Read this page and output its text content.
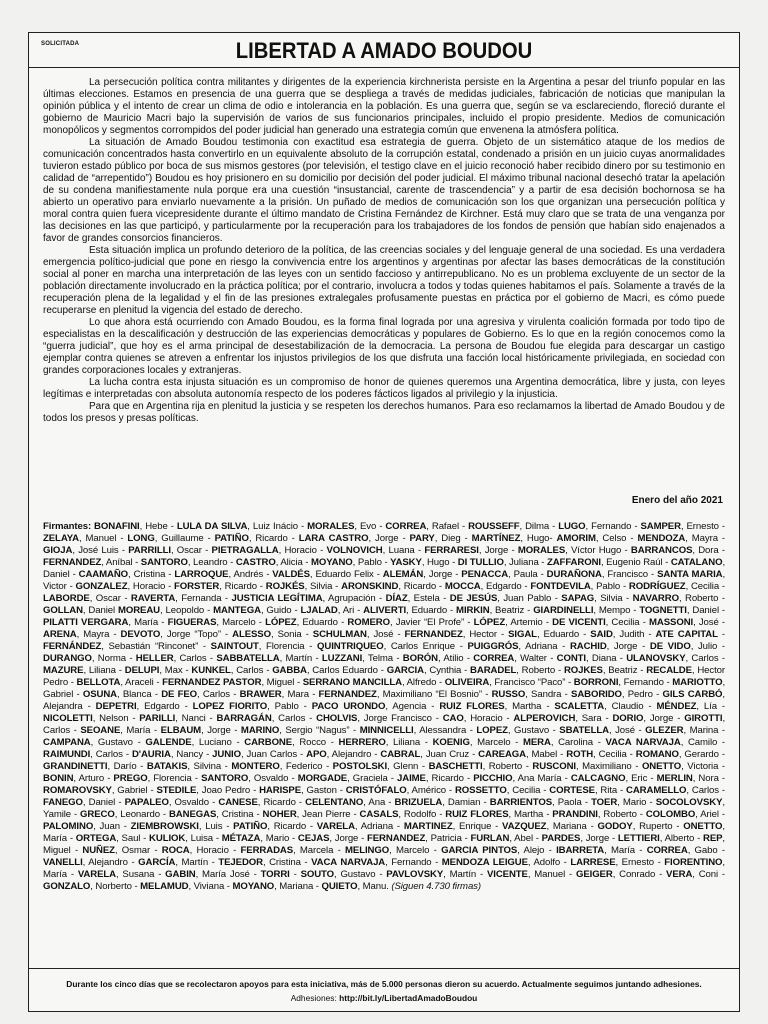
SOLICITADA	LIBERTAD A AMADO BOUDOU

La persecución política contra militantes y dirigentes de la experiencia kirchnerista persiste en la Argentina a pesar del triunfo popular en las últimas elecciones. Estamos en presencia de una guerra que se despliega a través de medidas judiciales, fabricación de noticias que manipulan la opinión pública y el intento de crear un clima de odio e intolerancia en la población. Es una guerra que, según se va esclareciendo, floreció durante el gobierno de Mauricio Macri bajo la supervisión de varios de sus funcionarios principales, incluido el propio presidente. Medios de comunicación monopólicos y segmentos corrompidos del poder judicial han generado una estrategia común que envenena la atmósfera política.

La situación de Amado Boudou testimonia con exactitud esa estrategia de guerra. Objeto de un sistemático ataque de los medios de comunicación concentrados hasta convertirlo en un equivalente absoluto de la corrupción estatal, condenado a prisión en un juicio cuyas anormalidades tuvieron estado público por boca de sus mismos gestores (por televisión, el testigo clave en el juicio reconoció haber recibido dinero por su testimonio en calidad de “arrepentido”) Boudou es hoy prisionero en su domicilio por decisión del poder judicial. El máximo tribunal nacional desechó tratar la apelación de su condena manifiestamente nula porque era una cuestión “insustancial, carente de trascendencia” y a partir de esa decisión bochornosa se ha abierto un operativo para enviarlo nuevamente a la prisión. Un puñado de medios de comunicación son los que organizan una persecución política y moral contra quien fuera vicepresidente durante el último mandato de Cristina Fernández de Kirchner. Está muy claro que se trata de una venganza por las decisiones en las que participó, y particularmente por la recuperación para los trabajadores de los fondos de pensión que habían sido enajenados a favor de grandes consorcios financieros.

Esta situación implica un profundo deterioro de la política, de las creencias sociales y del lenguaje general de una sociedad. Es una verdadera emergencia político-judicial que pone en riesgo la convivencia entre los argentinos y argentinas por afectar las bases democráticas de la constitución social al poner en marcha una interpretación de las leyes con un sentido faccioso y antirrepublicano. No es un problema excluyente de un sector de la población directamente involucrado en la práctica política; por el contrario, involucra a todos y todas quienes habitamos el país. Solamente a través de la recuperación plena de la legalidad y el fin de las presiones extralegales profusamente puestas en práctica por el gobierno de Macri, es cómo puede recuperarse en plenitud la vigencia del estado de derecho.

Lo que ahora está ocurriendo con Amado Boudou, es la forma final lograda por una agresiva y virulenta coalición formada por todo tipo de especialistas en la descalificación y destrucción de las experiencias democráticas y populares de Gobierno. Es lo que en la región conocemos como la “guerra judicial”, que hoy es el arma principal de desestabilización de la democracia. La persona de Boudou fue elegida para descargar un castigo ejemplar contra quienes se atreven a enfrentar los injustos privilegios de los que disfruta una facción local históricamente privilegiada, en sociedad con grandes corporaciones locales y extranjeras.

La lucha contra esta injusta situación es un compromiso de honor de quienes queremos una Argentina democrática, libre y justa, con leyes legítimas e interpretadas con absoluta autonomía respecto de los poderes fácticos ligados al privilegio y la injusticia.

Para que en Argentina rija en plenitud la justicia y se respeten los derechos humanos. Para eso reclamamos la libertad de Amado Boudou y de todos los presos y presas políticas.

Enero del año 2021
Firmantes: BONAFINI, Hebe - LULA DA SILVA, Luiz Inácio - MORALES, Evo - CORREA, Rafael - ROUSSEFF, Dilma - LUGO, Fernando - SAMPER, Ernesto - ZELAYA, Manuel - LONG, Guillaume - PATIÑO, Ricardo - LARA CASTRO, Jorge - PARY, Dieg - MARTÍNEZ, Hugo- AMORIM, Celso - MENDOZA, Mayra - GIOJA, José Luis - PARRILLI, Oscar - PIETRAGALLA, Horacio - VOLNOVICH, Luana - FERRARESI, Jorge - MORALES, Víctor Hugo - BARRANCOS, Dora - FERNANDEZ, Aníbal - SANTORO, Leandro - CASTRO, Alicia - MOYANO, Pablo - YASKY, Hugo - DI TULLIO, Juliana - ZAFFARONI, Eugenio Raúl - CATALANO, Daniel - CAAMAÑO, Cristina - LARROQUE, Andrés - VALDÉS, Eduardo Felix - ALEMÁN, Jorge - PENACCA, Paula - DURAÑONA, Francisco - SANTA MARIA, Victor - GONZALEZ, Horacio - FORSTER, Ricardo - ROJKÉS, Silvia - ARONSKIND, Ricardo - MOCCA, Edgardo - FONTDEVILA, Pablo - RODRÍGUEZ, Cecilia - LABORDE, Oscar - RAVERTA, Fernanda - JUSTICIA LEGÍTIMA, Agrupación - DÍAZ, Estela - DE JESÚS, Juan Pablo - SAPAG, Silvia - NAVARRO, Roberto - GOLLAN, Daniel MOREAU, Leopoldo - MANTEGA, Guido - LJALAD, Ari - ALIVERTI, Eduardo - MIRKIN, Beatriz - GIARDINELLI, Mempo - TOGNETTI, Daniel - PILATTI VERGARA, María - FIGUERAS, Marcelo - LÓPEZ, Eduardo - ROMERO, Javier “El Profe” - LÓPEZ, Artemio - DE VICENTI, Cecilia - MASSONI, José - ARENA, Mayra - DEVOTO, Jorge “Topo” - ALESSO, Sonia - SCHULMAN, José - FERNANDEZ, Hector - SIGAL, Eduardo - SAID, Judith - ATE CAPITAL - FERNÁNDEZ, Sebastián “Rinconet” - SAINTOUT, Florencia - QUINTRIQUEO, Carlos Enrique - PUIGGRÓS, Adriana - RACHID, Jorge - DE VIDO, Julio - DURANGO, Norma - HELLER, Carlos - SABBATELLA, Martín - LUZZANI, Telma - BORÓN, Atilio - CORREA, Walter - CONTI, Diana - ULANOVSKY, Carlos - MAZURE, Liliana - DELUPI, Max - KUNKEL, Carlos - GABBA, Carlos Eduardo - GARCIA, Cynthia - BARADEL, Roberto - ROJKES, Beatriz - RECALDE, Hector Pedro - BELLOTA, Araceli - FERNANDEZ PASTOR, Miguel - SERRANO MANCILLA, Alfredo - OLIVEIRA, Francisco “Paco” - BORRONI, Fernando - MARIOTTO, Gabriel - OSUNA, Blanca - DE FEO, Carlos - BRAWER, Mara - FERNANDEZ, Maximiliano “El Bosnio” - RUSSO, Sandra - SABORIDO, Pedro - GILS CARBÓ, Alejandra - DEPETRI, Edgardo - LOPEZ FIORITO, Pablo - PACO URONDO, Agencia - RUIZ FLORES, Martha - SCALETTA, Claudio - MÉNDEZ, Lía - NICOLETTI, Nelson - PARILLI, Nanci - BARRAGÁN, Carlos - CHOLVIS, Jorge Francisco - CAO, Horacio - ALPEROVICH, Sara - DORIO, Jorge - GIROTTI, Carlos - SEOANE, María - ELBAUM, Jorge - MARINO, Sergio “Nagus” - MINNICELLI, Alessandra - LOPEZ, Gustavo - SBATELLA, José - GLEZER, Marina - CAMPANA, Gustavo - GALENDE, Luciano - CARBONE, Rocco - HERRERO, Liliana - KOENIG, Marcelo - MERA, Carolina - VACA NARVAJA, Camilo - RAIMUNDI, Carlos - D'AURIA, Nancy - JUNIO, Juan Carlos - APO, Alejandro - CABRAL, Juan Cruz - CAREAGA, Mabel - ROTH, Cecilia - ROMANO, Gerardo - GRANDINETTI, Darío - BATAKIS, Silvina - MONTERO, Federico - POSTOLSKI, Glenn - BASCHETTI, Roberto - RUSCONI, Maximiliano - ONETTO, Victoria - BONIN, Arturo - PREGO, Florencia - SANTORO, Osvaldo - MORGADE, Graciela - JAIME, Ricardo - PICCHIO, Ana María - CALCAGNO, Eric - MERLIN, Nora - ROMAROVSKY, Gabriel - STEDILE, Joao Pedro - HARISPE, Gaston - CRISTÓFALO, Américo - ROSSETTO, Cecilia - CORTESE, Rita - CARAMELLO, Carlos - FANEGO, Daniel - PAPALEO, Osvaldo - CANESE, Ricardo - CELENTANO, Ana - BRIZUELA, Damian - BARRIENTOS, Paola - TOER, Mario - SOCOLOVSKY, Yamile - GRECO, Leonardo - BANEGAS, Cristina - NOHER, Jean Pierre - CASALS, Rodolfo - RUIZ FLORES, Martha - PRANDINI, Roberto - COLOMBO, Ariel - PALOMINO, Juan - ZIEMBROWSKI, Luis - PATIÑO, Ricardo - VARELA, Adriana - MARTINEZ, Enrique - VAZQUEZ, Mariana - GODOY, Ruperto - ONETTO, María - ORTEGA, Saul - KULIOK, Luisa - MÉTAZA, Mario - CEJAS, Jorge - FERNANDEZ, Patricia - FURLAN, Abel - PARDES, Jorge - LETTIERI, Alberto - REP, Miguel - NUÑEZ, Osmar - ROCA, Horacio - FERRADAS, Marcela - MELINGO, Marcelo - GARCIA PINTOS, Alejo - IBARRETA, María - CORREA, Gabo - VANELLI, Alejandro - GARCÍA, Martín - TEJEDOR, Cristina - VACA NARVAJA, Fernando - MENDOZA LEIGUE, Adolfo - LARRESE, Ernesto - FIORENTINO, María - VARELA, Susana - GABIN, María José - TORRI - SOUTO, Gustavo - PAVLOVSKY, Martín - VICENTE, Manuel - GEIGER, Conrado - VERA, Coni - GONZALO, Norberto - MELAMUD, Viviana - MOYANO, Mariana - QUIETO, Manu. (Siguen 4.730 firmas)
Durante los cinco días que se recolectaron apoyos para esta iniciativa, más de 5.000 personas dieron su acuerdo. Actualmente seguimos juntando adhesiones.
Adhesiones: http://bit.ly/LibertadAmadoBoudou
